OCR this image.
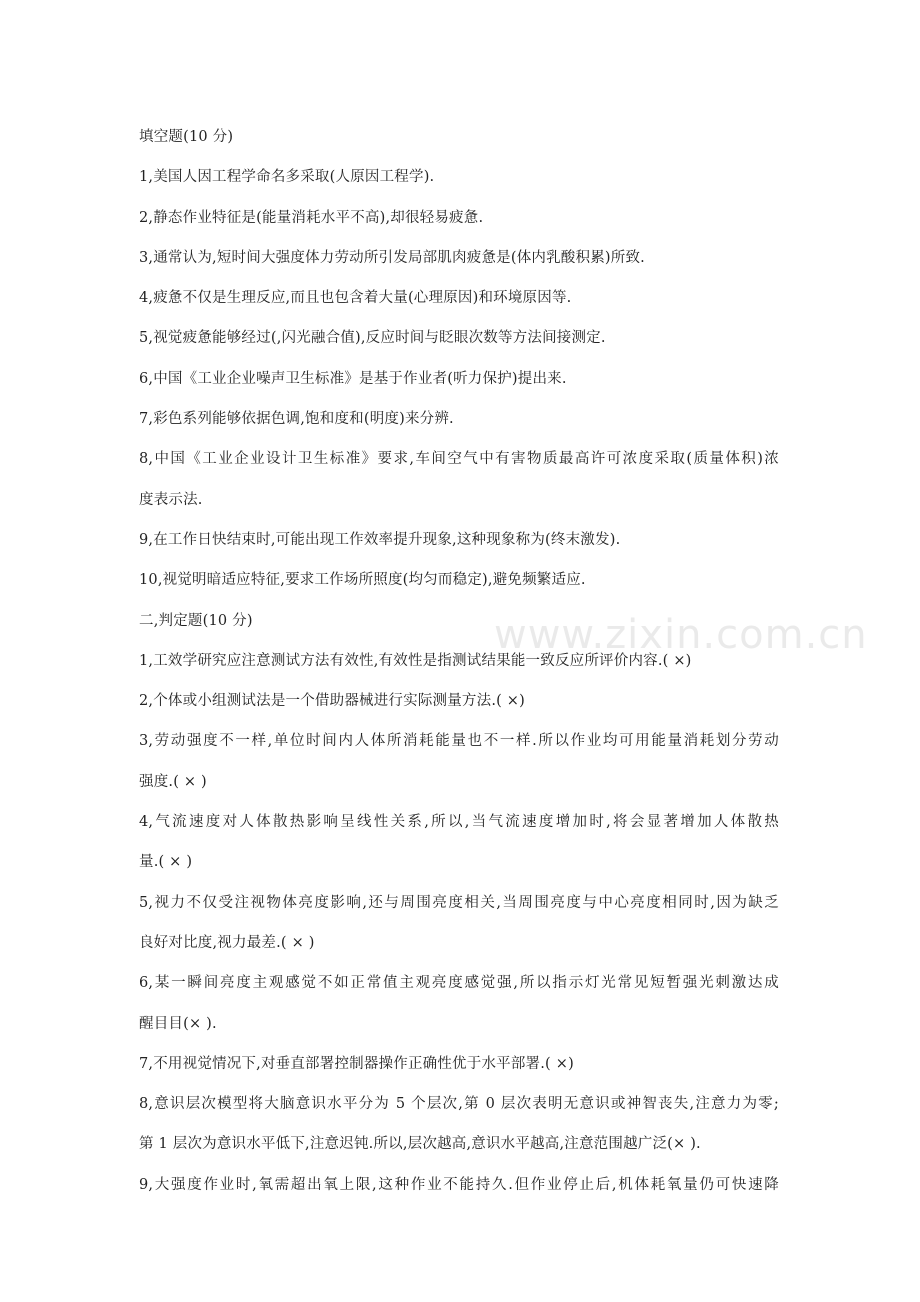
填空题(10 分)
1,美国人因工程学命名多采取(人原因工程学).
2,静态作业特征是(能量消耗水平不高),却很轻易疲惫.
3,通常认为,短时间大强度体力劳动所引发局部肌肉疲惫是(体内乳酸积累)所致.
4,疲惫不仅是生理反应,而且也包含着大量(心理原因)和环境原因等.
5,视觉疲惫能够经过(,闪光融合值),反应时间与眨眼次数等方法间接测定.
6,中国《工业企业噪声卫生标准》是基于作业者(听力保护)提出来.
7,彩色系列能够依据色调,饱和度和(明度)来分辨.
8,中国《工业企业设计卫生标准》要求,车间空气中有害物质最高许可浓度采取(质量体积)浓
度表示法.
9,在工作日快结束时,可能出现工作效率提升现象,这种现象称为(终末激发).
10,视觉明暗适应特征,要求工作场所照度(均匀而稳定),避免频繁适应.
二,判定题(10 分)
1,工效学研究应注意测试方法有效性,有效性是指测试结果能一致反应所评价内容.( ×)
2,个体或小组测试法是一个借助器械进行实际测量方法.( ×)
3,劳动强度不一样,单位时间内人体所消耗能量也不一样.所以作业均可用能量消耗划分劳动
强度.( × )
4,气流速度对人体散热影响呈线性关系,所以,当气流速度增加时,将会显著增加人体散热
量.( × )
5,视力不仅受注视物体亮度影响,还与周围亮度相关,当周围亮度与中心亮度相同时,因为缺乏
良好对比度,视力最差.( × )
6,某一瞬间亮度主观感觉不如正常值主观亮度感觉强,所以指示灯光常见短暂强光刺激达成
醒目目(× ).
7,不用视觉情况下,对垂直部署控制器操作正确性优于水平部署.( ×)
8,意识层次模型将大脑意识水平分为 5 个层次,第 0 层次表明无意识或神智丧失,注意力为零;
第 1 层次为意识水平低下,注意迟钝.所以,层次越高,意识水平越高,注意范围越广泛(× ).
9,大强度作业时,氧需超出氧上限,这种作业不能持久.但作业停止后,机体耗氧量仍可快速降
www.zixin.com.cn
